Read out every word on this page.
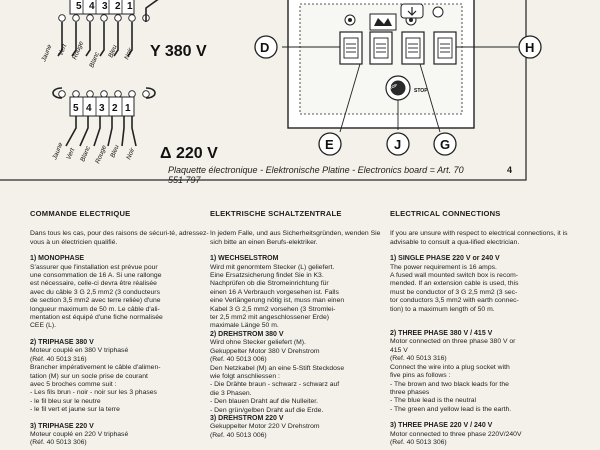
5 4 3 2 1
Jaune Vert Rouge Blanc Bleu Noir Y 380 V
5 4 3 2 1
Jaune Vert Blanc Rouge Bleu Noir Δ 220 V
STOP	STOP
D	H
E	J	G
Plaquette électronique - Elektronische Platine - Electronics board = Art. 70 551 797
4
COMMANDE ELECTRIQUE

Dans tous les cas, pour des raisons de sécuri-té, adressez-vous à un électricien qualifié.

1) MONOPHASE
S'assurer que l'installation est prévue pour
une consommation de 16 A. Si une rallonge
est nécessaire, celle-ci devra être réalisée
avec du câble 3 G 2,5 mm2 (3 conducteurs
de section 3,5 mm2 avec terre reliée) d'une
longueur maximum de 50 m. Le câble d'ali-
mentation est équipé d'une fiche normalisée
CEE (L).
2) TRIPHASE 380 V
Moteur couplé en 380 V triphasé
(Réf. 40 5013 316)
Brancher impérativement le câble d'alimen-
tation (M) sur un socle prise de courant
avec 5 broches comme suit :
- Les fils brun - noir - noir sur les 3 phases
- le fil bleu sur le neutre
- le fil vert et jaune sur la terre
3) TRIPHASE 220 V
Moteur couplé en 220 V triphasé
(Réf. 40 5013 306)
ELEKTRISCHE SCHALTZENTRALE

In jedem Falle, und aus Sicherheitsgründen, wenden Sie sich bitte an einen Berufs-elektriker.

1) WECHSELSTROM
Wird mit genormtem Stecker (L) geliefert.
Eine Ersatzsicherung findet Sie in K3.
Nachprüfen ob die Stromeinrichtung für
einen 16 A Verbrauch vorgesehen ist. Falls
eine Verlängerung nötig ist, muss man einen
Kabel 3 G 2,5 mm2 vorsehen (3 Stromlei-
ter 2,5 mm2 mit angeschlossener Erde)
maximale Länge 50 m.
2) DREHSTROM 380 V
Wird ohne Stecker geliefert (M).
Gekuppelter Motor 380 V Drehstrom
(Ref. 40 5013 006)
Den Netzkabel (M) an eine 5-Stift Steckdose
wie folgt anschliessen :
- Die Drähte braun - schwarz - schwarz auf
die 3 Phasen.
- Den blauen Draht auf die Nulleiter.
- Den grün/gelben Draht auf die Erde.
3) DREHSTROM 220 V
Gekuppelter Motor 220 V Drehstrom
(Ref. 40 5013 006)
ELECTRICAL CONNECTIONS

If you are unsure with respect to electrical connections, it is advisable to consult a qua-lified electrician.

1) SINGLE PHASE 220 V or 240 V
The power requirement is 16 amps.
A fused wall mounted switch box is recom-
mended. If an extension cable is used, this
must be conductor of 3 G 2,5 mm2 (3 sec-
tor conductors 3,5 mm2 with earth connec-
tion) to a maximum length of 50 m.
2) THREE PHASE 380 V / 415 V
Motor connected on three phase 380 V or
415 V
(Ref. 40 5013 316)
Connect the wire into a plug socket with
five pins as follows :
- The brown and two black leads for the
three phases
- The blue lead is the neutral
- The green and yellow lead is the earth.
3) THREE PHASE 220 V / 240 V
Motor connected to three phase 220V/240V
(Ref. 40 5013 306)
